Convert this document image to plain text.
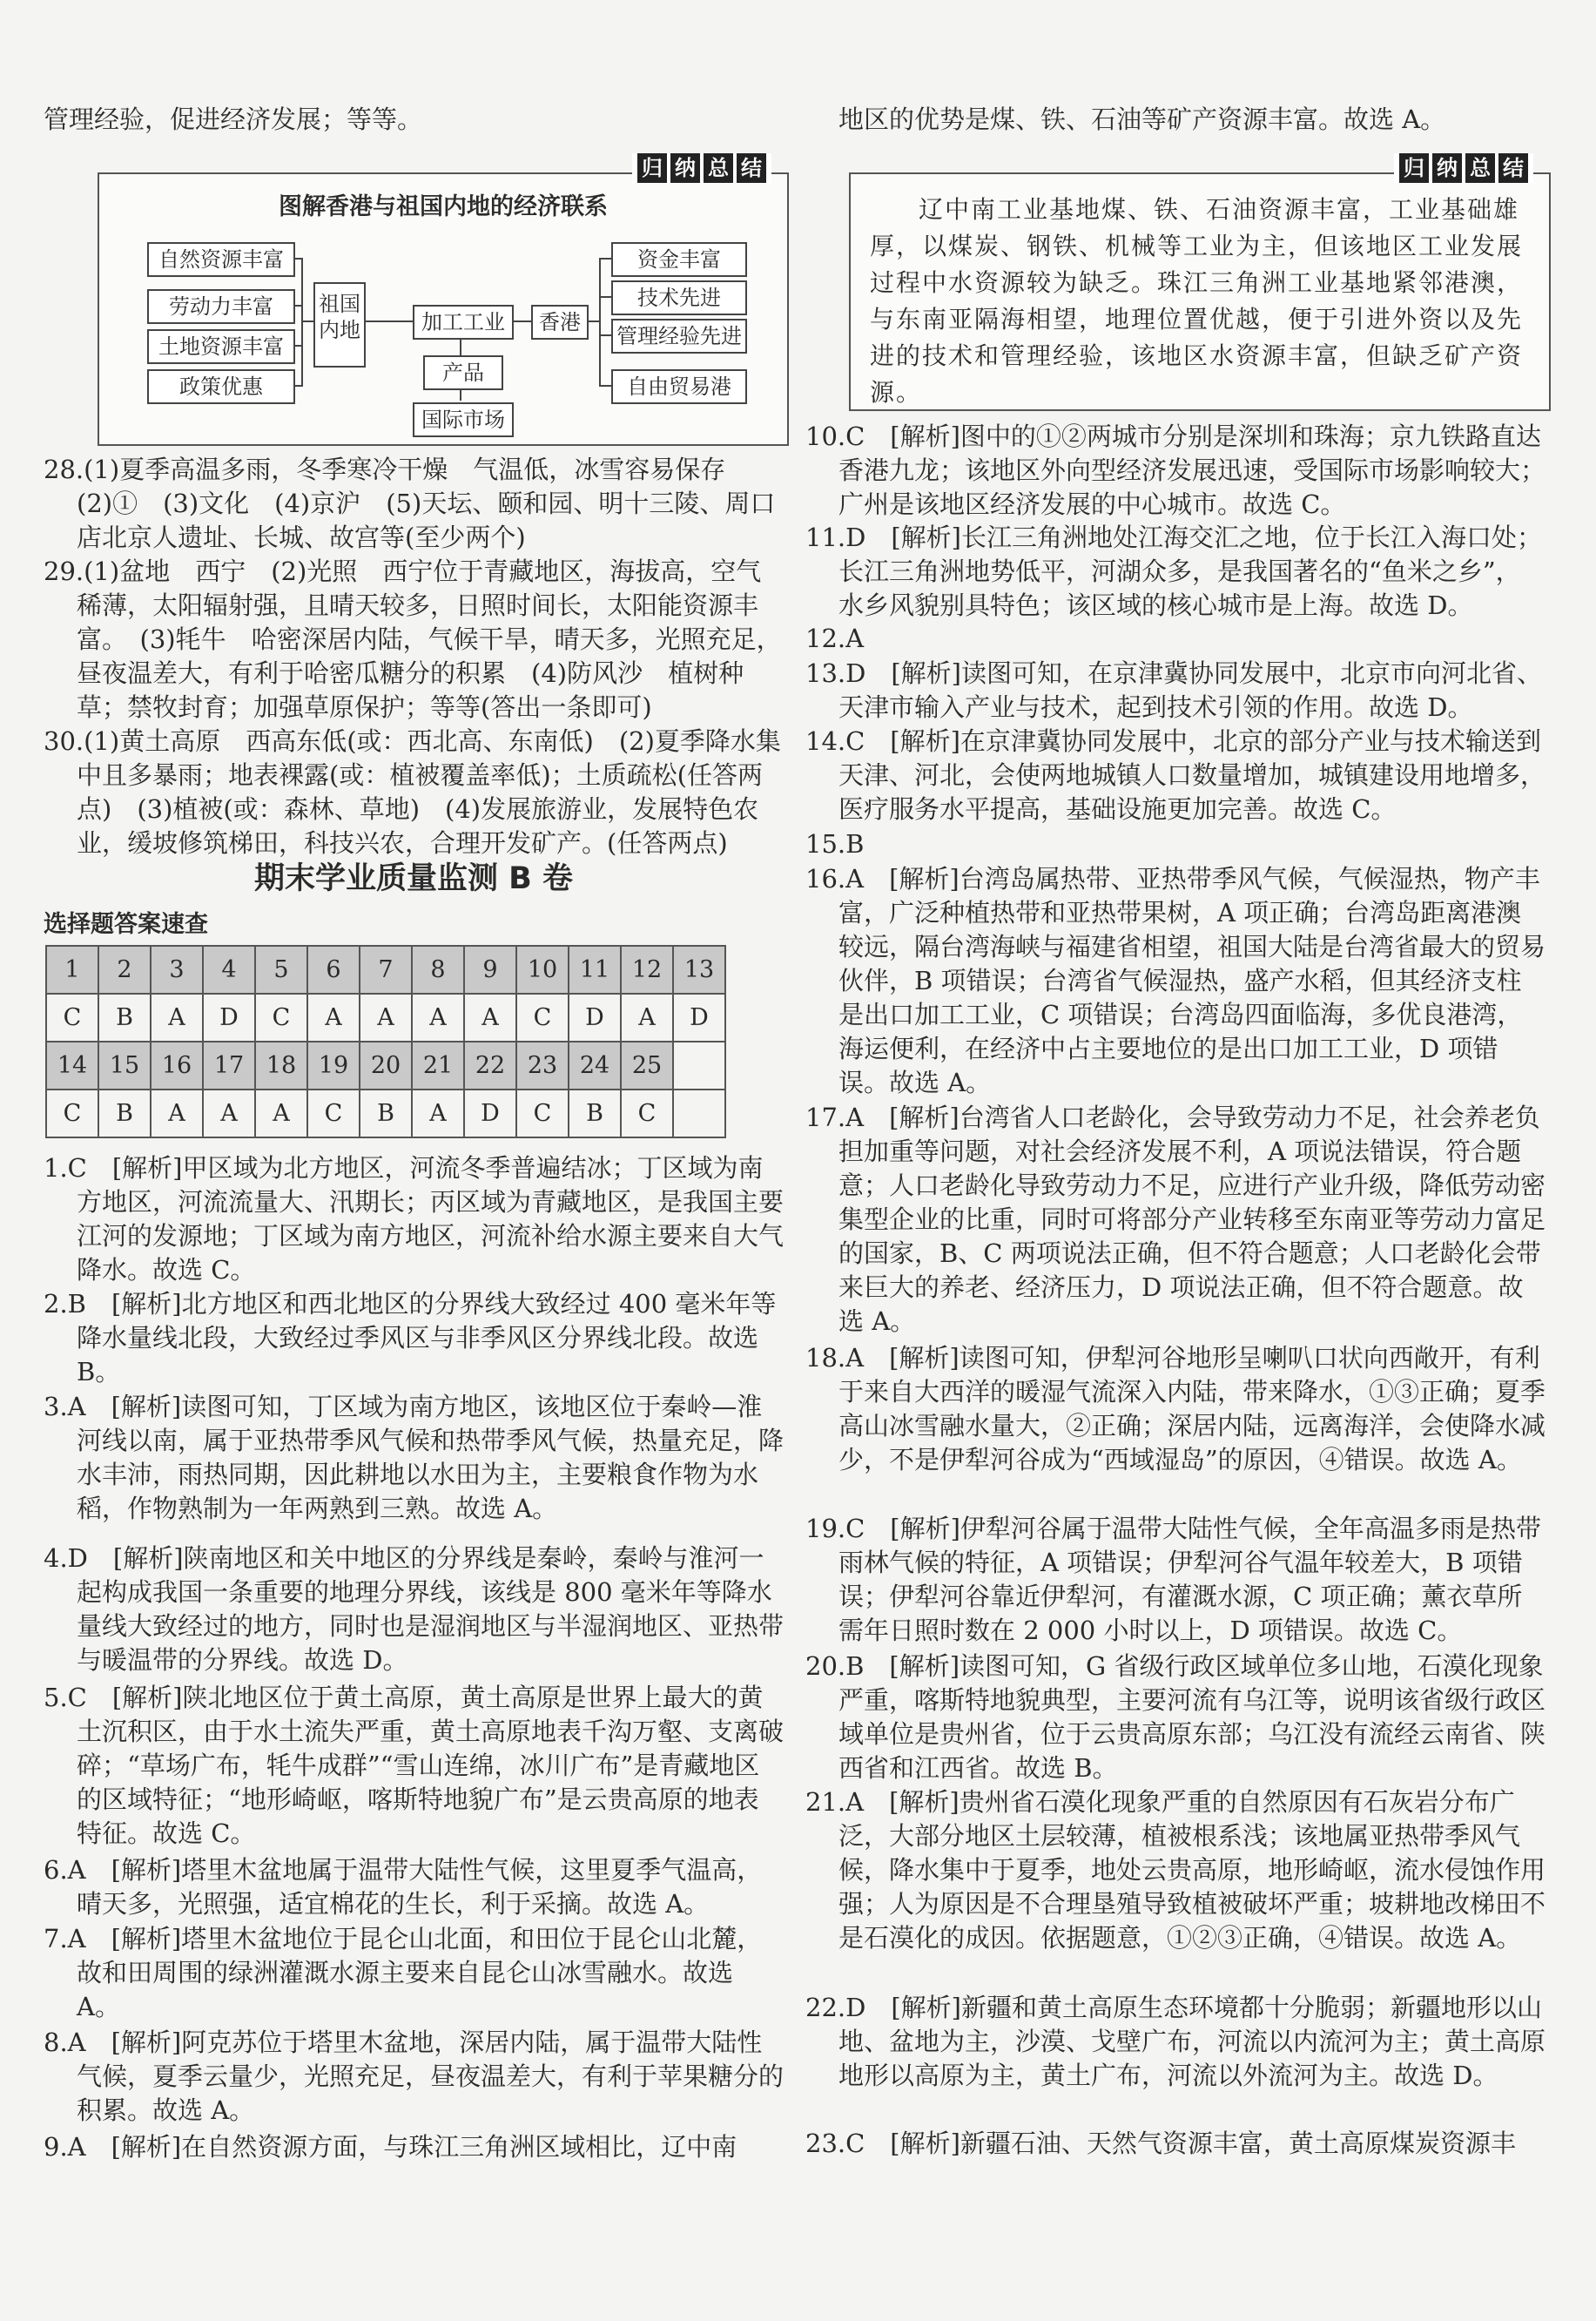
管理经验，促进经济发展；等等。

归 纳 总 结
图解香港与祖国内地的经济联系
自然资源丰富
劳动力丰富
土地资源丰富
政策优惠
祖国内地	加工工业	香港
产品
国际市场
资金丰富
技术先进
管理经验先进
自由贸易港
28.(1)夏季高温多雨，冬季寒冷干燥　气温低，冰雪容易保存　(2)①　(3)文化　(4)京沪　(5)天坛、颐和园、明十三陵、周口店北京人遗址、长城、故宫等(至少两个)
29.(1)盆地　西宁　(2)光照　西宁位于青藏地区，海拔高，空气稀薄，太阳辐射强，且晴天较多，日照时间长，太阳能资源丰富。　(3)牦牛　哈密深居内陆，气候干旱，晴天多，光照充足，昼夜温差大，有利于哈密瓜糖分的积累　(4)防风沙　植树种草；禁牧封育；加强草原保护；等等(答出一条即可)
30.(1)黄土高原　西高东低(或：西北高、东南低)　(2)夏季降水集中且多暴雨；地表裸露(或：植被覆盖率低)；土质疏松(任答两点)　(3)植被(或：森林、草地)　(4)发展旅游业，发展特色农业，缓坡修筑梯田，科技兴农，合理开发矿产。(任答两点)
期末学业质量监测 B 卷
选择题答案速查
1	2	3	4	5	6	7	8	9	10	11	12	13
C	B	A	D	C	A	A	A	A	C	D	A	D
14	15	16	17	18	19	20	21	22	23	24	25	
C	B	A	A	A	C	B	A	D	C	B	C	
1.C　[解析]甲区域为北方地区，河流冬季普遍结冰；丁区域为南方地区，河流流量大、汛期长；丙区域为青藏地区，是我国主要江河的发源地；丁区域为南方地区，河流补给水源主要来自大气降水。故选 C。
2.B　[解析]北方地区和西北地区的分界线大致经过 400 毫米年等降水量线北段，大致经过季风区与非季风区分界线北段。故选 B。
3.A　[解析]读图可知，丁区域为南方地区，该地区位于秦岭—淮河线以南，属于亚热带季风气候和热带季风气候，热量充足，降水丰沛，雨热同期，因此耕地以水田为主，主要粮食作物为水稻，作物熟制为一年两熟到三熟。故选 A。
4.D　[解析]陕南地区和关中地区的分界线是秦岭，秦岭与淮河一起构成我国一条重要的地理分界线，该线是 800 毫米年等降水量线大致经过的地方，同时也是湿润地区与半湿润地区、亚热带与暖温带的分界线。故选 D。
5.C　[解析]陕北地区位于黄土高原，黄土高原是世界上最大的黄土沉积区，由于水土流失严重，黄土高原地表千沟万壑、支离破碎；“草场广布，牦牛成群”“雪山连绵，冰川广布”是青藏地区的区域特征；“地形崎岖，喀斯特地貌广布”是云贵高原的地表特征。故选 C。
6.A　[解析]塔里木盆地属于温带大陆性气候，这里夏季气温高，晴天多，光照强，适宜棉花的生长，利于采摘。故选 A。
7.A　[解析]塔里木盆地位于昆仑山北面，和田位于昆仑山北麓，故和田周围的绿洲灌溉水源主要来自昆仑山冰雪融水。故选 A。
8.A　[解析]阿克苏位于塔里木盆地，深居内陆，属于温带大陆性气候，夏季云量少，光照充足，昼夜温差大，有利于苹果糖分的积累。故选 A。
9.A　[解析]在自然资源方面，与珠江三角洲区域相比，辽中南

地区的优势是煤、铁、石油等矿产资源丰富。故选 A。

归 纳 总 结
辽中南工业基地煤、铁、石油资源丰富，工业基础雄厚，以煤炭、钢铁、机械等工业为主，但该地区工业发展过程中水资源较为缺乏。珠江三角洲工业基地紧邻港澳，与东南亚隔海相望，地理位置优越，便于引进外资以及先进的技术和管理经验，该地区水资源丰富，但缺乏矿产资源。
10.C　[解析]图中的①②两城市分别是深圳和珠海；京九铁路直达香港九龙；该地区外向型经济发展迅速，受国际市场影响较大；广州是该地区经济发展的中心城市。故选 C。
11.D　[解析]长江三角洲地处江海交汇之地，位于长江入海口处；长江三角洲地势低平，河湖众多，是我国著名的“鱼米之乡”，水乡风貌别具特色；该区域的核心城市是上海。故选 D。
12.A
13.D　[解析]读图可知，在京津冀协同发展中，北京市向河北省、天津市输入产业与技术，起到技术引领的作用。故选 D。
14.C　[解析]在京津冀协同发展中，北京的部分产业与技术输送到天津、河北，会使两地城镇人口数量增加，城镇建设用地增多，医疗服务水平提高，基础设施更加完善。故选 C。
15.B
16.A　[解析]台湾岛属热带、亚热带季风气候，气候湿热，物产丰富，广泛种植热带和亚热带果树，A 项正确；台湾岛距离港澳较远，隔台湾海峡与福建省相望，祖国大陆是台湾省最大的贸易伙伴，B 项错误；台湾省气候湿热，盛产水稻，但其经济支柱是出口加工工业，C 项错误；台湾岛四面临海，多优良港湾，海运便利，在经济中占主要地位的是出口加工工业，D 项错误。故选 A。
17.A　[解析]台湾省人口老龄化，会导致劳动力不足，社会养老负担加重等问题，对社会经济发展不利，A 项说法错误，符合题意；人口老龄化导致劳动力不足，应进行产业升级，降低劳动密集型企业的比重，同时可将部分产业转移至东南亚等劳动力富足的国家，B、C 两项说法正确，但不符合题意；人口老龄化会带来巨大的养老、经济压力，D 项说法正确，但不符合题意。故选 A。
18.A　[解析]读图可知，伊犁河谷地形呈喇叭口状向西敞开，有利于来自大西洋的暖湿气流深入内陆，带来降水，①③正确；夏季高山冰雪融水量大，②正确；深居内陆，远离海洋，会使降水减少，不是伊犁河谷成为“西域湿岛”的原因，④错误。故选 A。
19.C　[解析]伊犁河谷属于温带大陆性气候，全年高温多雨是热带雨林气候的特征，A 项错误；伊犁河谷气温年较差大，B 项错误；伊犁河谷靠近伊犁河，有灌溉水源，C 项正确；薰衣草所需年日照时数在 2 000 小时以上，D 项错误。故选 C。
20.B　[解析]读图可知，G 省级行政区域单位多山地，石漠化现象严重，喀斯特地貌典型，主要河流有乌江等，说明该省级行政区域单位是贵州省，位于云贵高原东部；乌江没有流经云南省、陕西省和江西省。故选 B。
21.A　[解析]贵州省石漠化现象严重的自然原因有石灰岩分布广泛，大部分地区土层较薄，植被根系浅；该地属亚热带季风气候，降水集中于夏季，地处云贵高原，地形崎岖，流水侵蚀作用强；人为原因是不合理垦殖导致植被破坏严重；坡耕地改梯田不是石漠化的成因。依据题意，①②③正确，④错误。故选 A。
22.D　[解析]新疆和黄土高原生态环境都十分脆弱；新疆地形以山地、盆地为主，沙漠、戈壁广布，河流以内流河为主；黄土高原地形以高原为主，黄土广布，河流以外流河为主。故选 D。
23.C　[解析]新疆石油、天然气资源丰富，黄土高原煤炭资源丰
